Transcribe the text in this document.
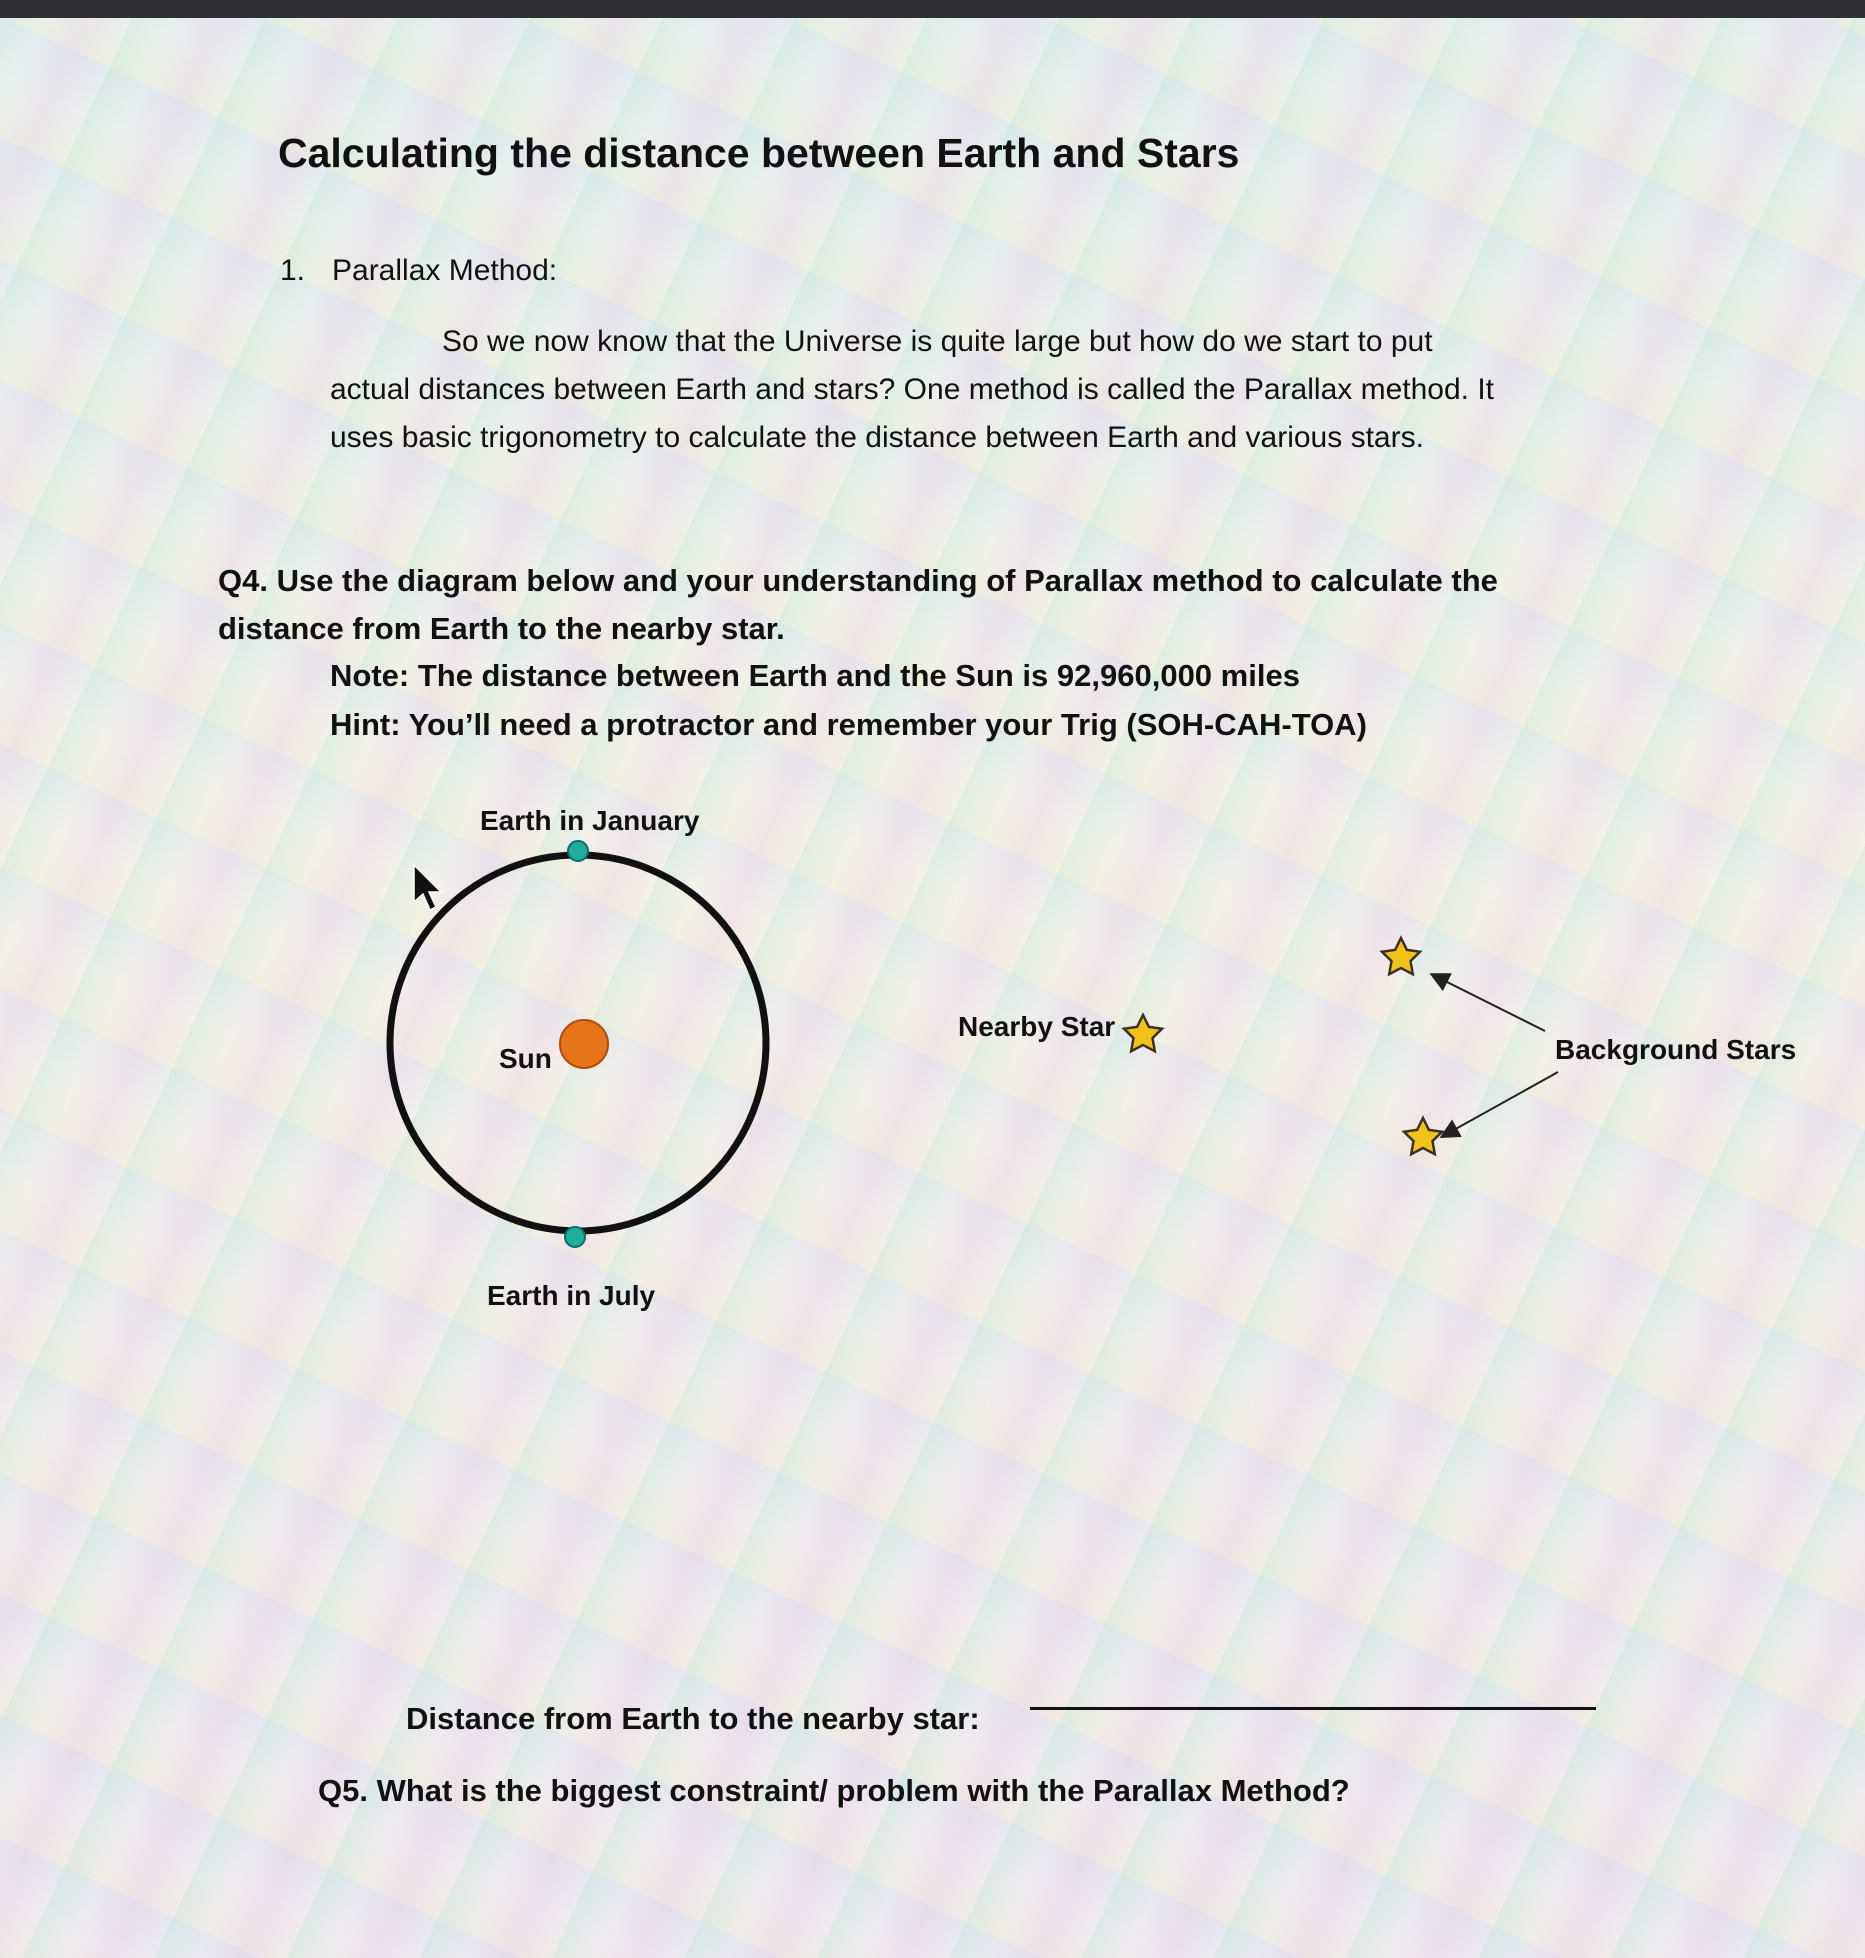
Calculating the distance between Earth and Stars
1. Parallax Method:

So we now know that the Universe is quite large but how do we start to put

actual distances between Earth and stars? One method is called the Parallax method. It

uses basic trigonometry to calculate the distance between Earth and various stars.

Q4. Use the diagram below and your understanding of Parallax method to calculate the

distance from Earth to the nearby star.

Note: The distance between Earth and the Sun is 92,960,000 miles

Hint: You’ll need a protractor and remember your Trig (SOH-CAH-TOA)

Earth in January
Earth in July
Sun
Nearby Star
Background Stars
Distance from Earth to the nearby star:

Q5. What is the biggest constraint/ problem with the Parallax Method?
